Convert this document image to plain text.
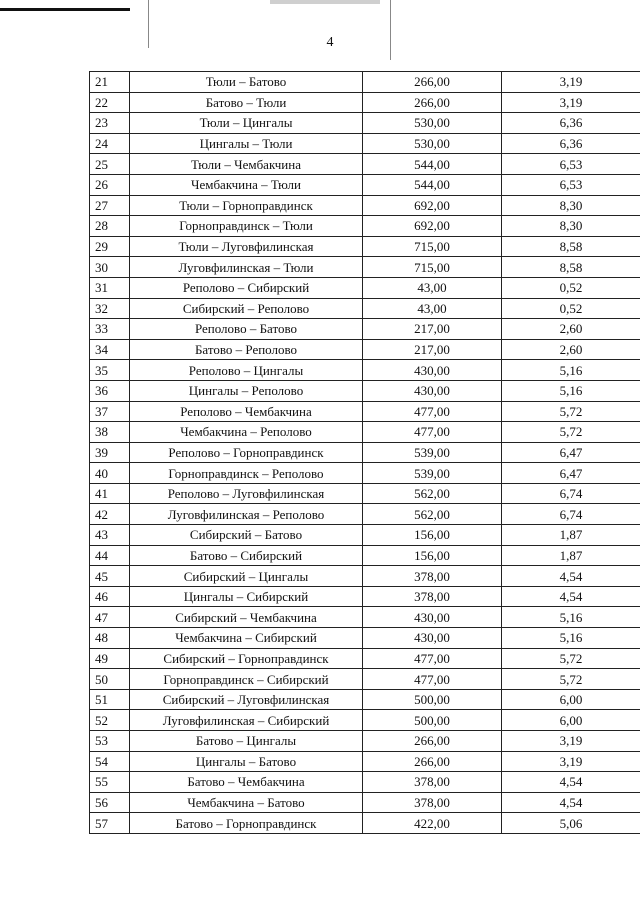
4
21	Тюли – Батово	266,00	3,19
22	Батово – Тюли	266,00	3,19
23	Тюли – Цингалы	530,00	6,36
24	Цингалы – Тюли	530,00	6,36
25	Тюли – Чембакчина	544,00	6,53
26	Чембакчина – Тюли	544,00	6,53
27	Тюли – Горноправдинск	692,00	8,30
28	Горноправдинск – Тюли	692,00	8,30
29	Тюли – Луговфилинская	715,00	8,58
30	Луговфилинская – Тюли	715,00	8,58
31	Реполово – Сибирский	43,00	0,52
32	Сибирский – Реполово	43,00	0,52
33	Реполово – Батово	217,00	2,60
34	Батово – Реполово	217,00	2,60
35	Реполово – Цингалы	430,00	5,16
36	Цингалы – Реполово	430,00	5,16
37	Реполово – Чембакчина	477,00	5,72
38	Чембакчина – Реполово	477,00	5,72
39	Реполово – Горноправдинск	539,00	6,47
40	Горноправдинск – Реполово	539,00	6,47
41	Реполово – Луговфилинская	562,00	6,74
42	Луговфилинская – Реполово	562,00	6,74
43	Сибирский – Батово	156,00	1,87
44	Батово – Сибирский	156,00	1,87
45	Сибирский – Цингалы	378,00	4,54
46	Цингалы – Сибирский	378,00	4,54
47	Сибирский – Чембакчина	430,00	5,16
48	Чембакчина – Сибирский	430,00	5,16
49	Сибирский – Горноправдинск	477,00	5,72
50	Горноправдинск – Сибирский	477,00	5,72
51	Сибирский – Луговфилинская	500,00	6,00
52	Луговфилинская – Сибирский	500,00	6,00
53	Батово – Цингалы	266,00	3,19
54	Цингалы – Батово	266,00	3,19
55	Батово – Чембакчина	378,00	4,54
56	Чембакчина – Батово	378,00	4,54
57	Батово – Горноправдинск	422,00	5,06
